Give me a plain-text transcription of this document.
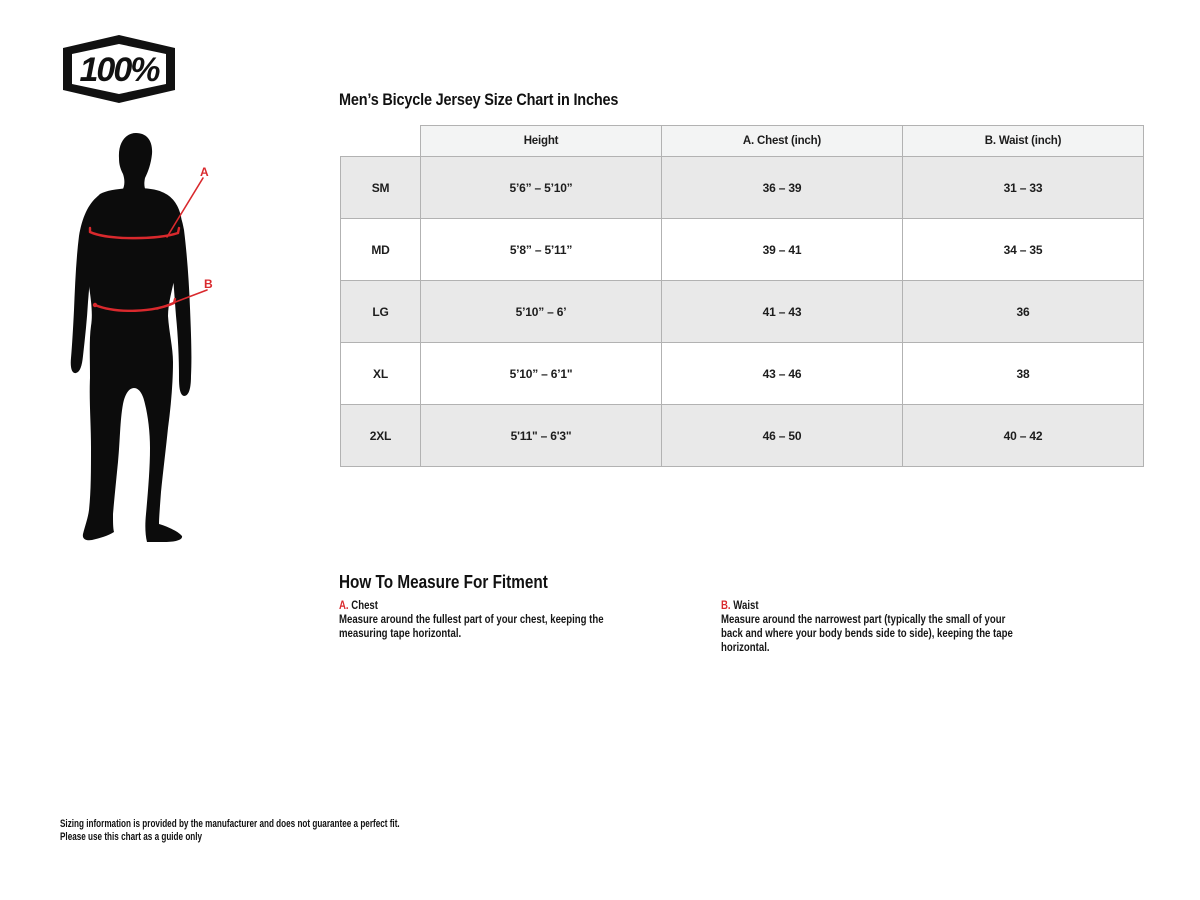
100%
A
B
Men’s Bicycle Jersey Size Chart in Inches
	Height	A. Chest (inch)	B. Waist (inch)
SM	5’6” – 5’10”	36 – 39	31 – 33
MD	5’8” – 5’11”	39 – 41	34 – 35
LG	5’10” – 6’	41 – 43	36
XL	5’10” – 6’1"	43 – 46	38
2XL	5'11" – 6'3"	46 – 50	40 – 42
How To Measure For Fitment
A. Chest
Measure around the fullest part of your chest, keeping the measuring tape horizontal.
B. Waist
Measure around the narrowest part (typically the small of your back and where your body bends side to side), keeping the tape horizontal.
Sizing information is provided by the manufacturer and does not guarantee a perfect fit.
Please use this chart as a guide only
